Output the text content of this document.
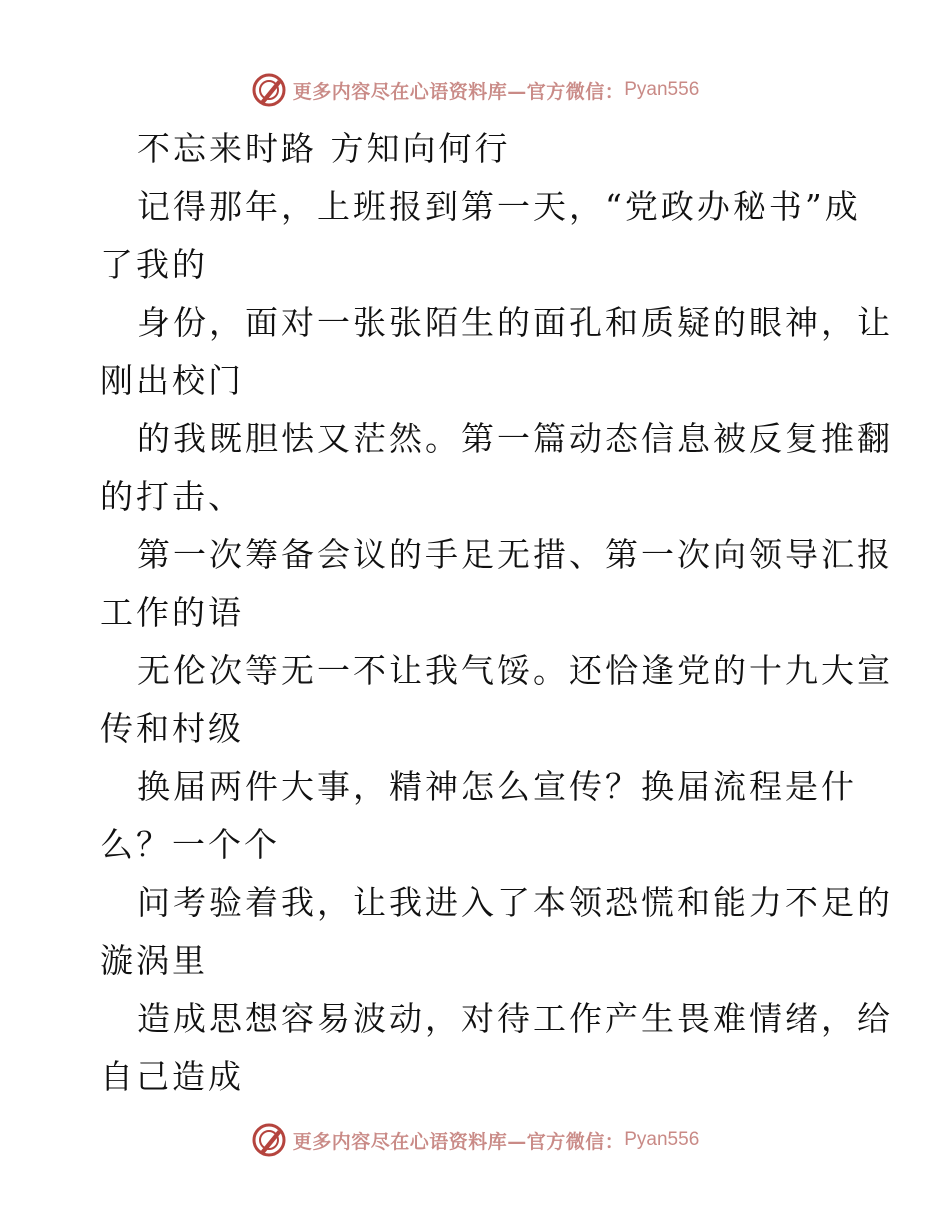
更多内容尽在心语资料库—官方微信： Pyan556
不忘来时路 方知向何行
记得那年，上班报到第一天，“党政办秘书”成
了我的
身份，面对一张张陌生的面孔和质疑的眼神，让
刚出校门
的我既胆怯又茫然。第一篇动态信息被反复推翻
的打击、
第一次筹备会议的手足无措、第一次向领导汇报
工作的语
无伦次等无一不让我气馁。还恰逢党的十九大宣
传和村级
换届两件大事，精神怎么宣传？换届流程是什
么？一个个
问考验着我，让我进入了本领恐慌和能力不足的
漩涡里
造成思想容易波动，对待工作产生畏难情绪，给
自己造成
更多内容尽在心语资料库—官方微信： Pyan556
